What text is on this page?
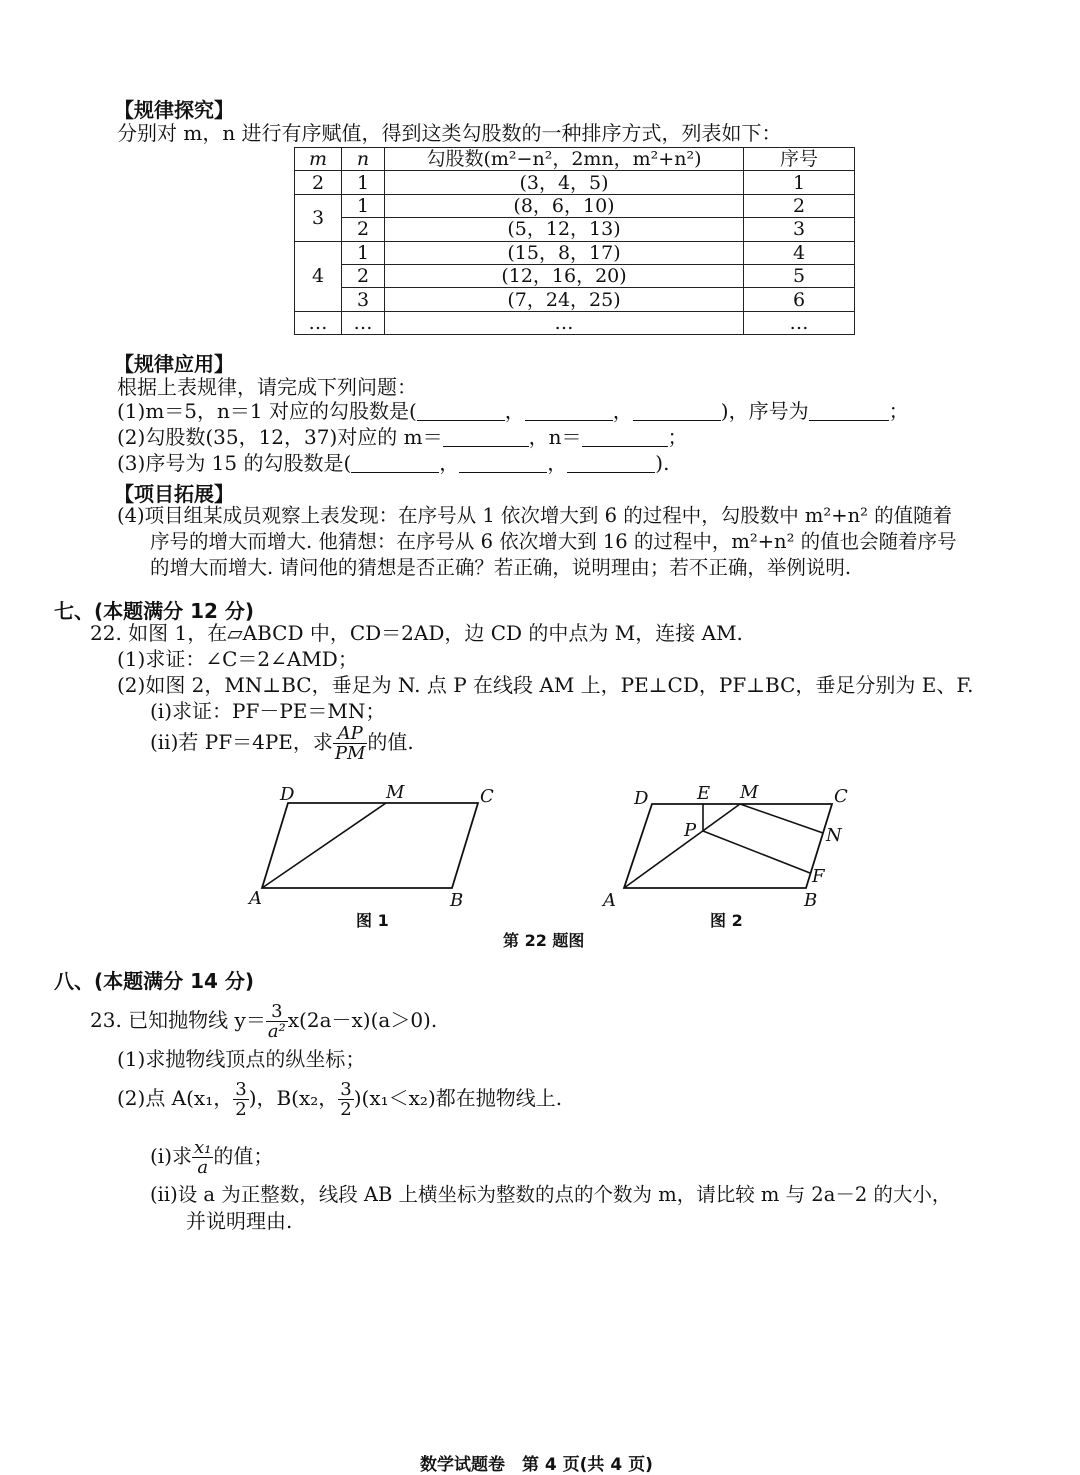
【规律探究】
分别对 m，n 进行有序赋值，得到这类勾股数的一种排序方式，列表如下：
m	n	勾股数(m²−n²，2mn，m²+n²)	序号
2	1	(3，4，5)	1
3	1	(8，6，10)	2
	2	(5，12，13)	3
4	1	(15，8，17)	4
	2	(12，16，20)	5
	3	(7，24，25)	6
…	…	…	…
【规律应用】
根据上表规律，请完成下列问题：
(1)m＝5，n＝1 对应的勾股数是(	，	，	)，序号为	；
(2)勾股数(35，12，37)对应的 m＝	，n＝	；
(3)序号为 15 的勾股数是(	，	，	).
【项目拓展】
(4)项目组某成员观察上表发现：在序号从 1 依次增大到 6 的过程中，勾股数中 m²+n² 的值随着
序号的增大而增大. 他猜想：在序号从 6 依次增大到 16 的过程中，m²+n² 的值也会随着序号
的增大而增大. 请问他的猜想是否正确？若正确，说明理由；若不正确，举例说明.
七、(本题满分 12 分)
22. 如图 1，在▱ABCD 中，CD＝2AD，边 CD 的中点为 M，连接 AM.
(1)求证：∠C＝2∠AMD；
(2)如图 2，MN⊥BC，垂足为 N. 点 P 在线段 AM 上，PE⊥CD，PF⊥BC，垂足分别为 E、F.
(ⅰ)求证：PF－PE＝MN；
(ⅱ)若 PF＝4PE，求 $\frac{AP}{PM}$ 的值.
D	M	C
A	B
图 1
D	E M	C
P	N
F
A	B
图 2
第 22 题图
八、(本题满分 14 分)
23. 已知抛物线 $y= \frac{3}{\text{a²}} x(2a-x)(a>0)$.
(1)求抛物线顶点的纵坐标；
(2)点 A(x₁， $\frac{3}{2}$ )，B(x₂， $\frac{3}{2} )(x_1<x_2)$都在抛物线上.
(ⅰ)求 $\frac{\text{x₁}}{a}$ 的值；
(ⅱ)设 a 为正整数，线段 AB 上横坐标为整数的点的个数为 m，请比较 m 与 2a－2 的大小，
并说明理由.
数学试题卷　第 4 页(共 4 页)
